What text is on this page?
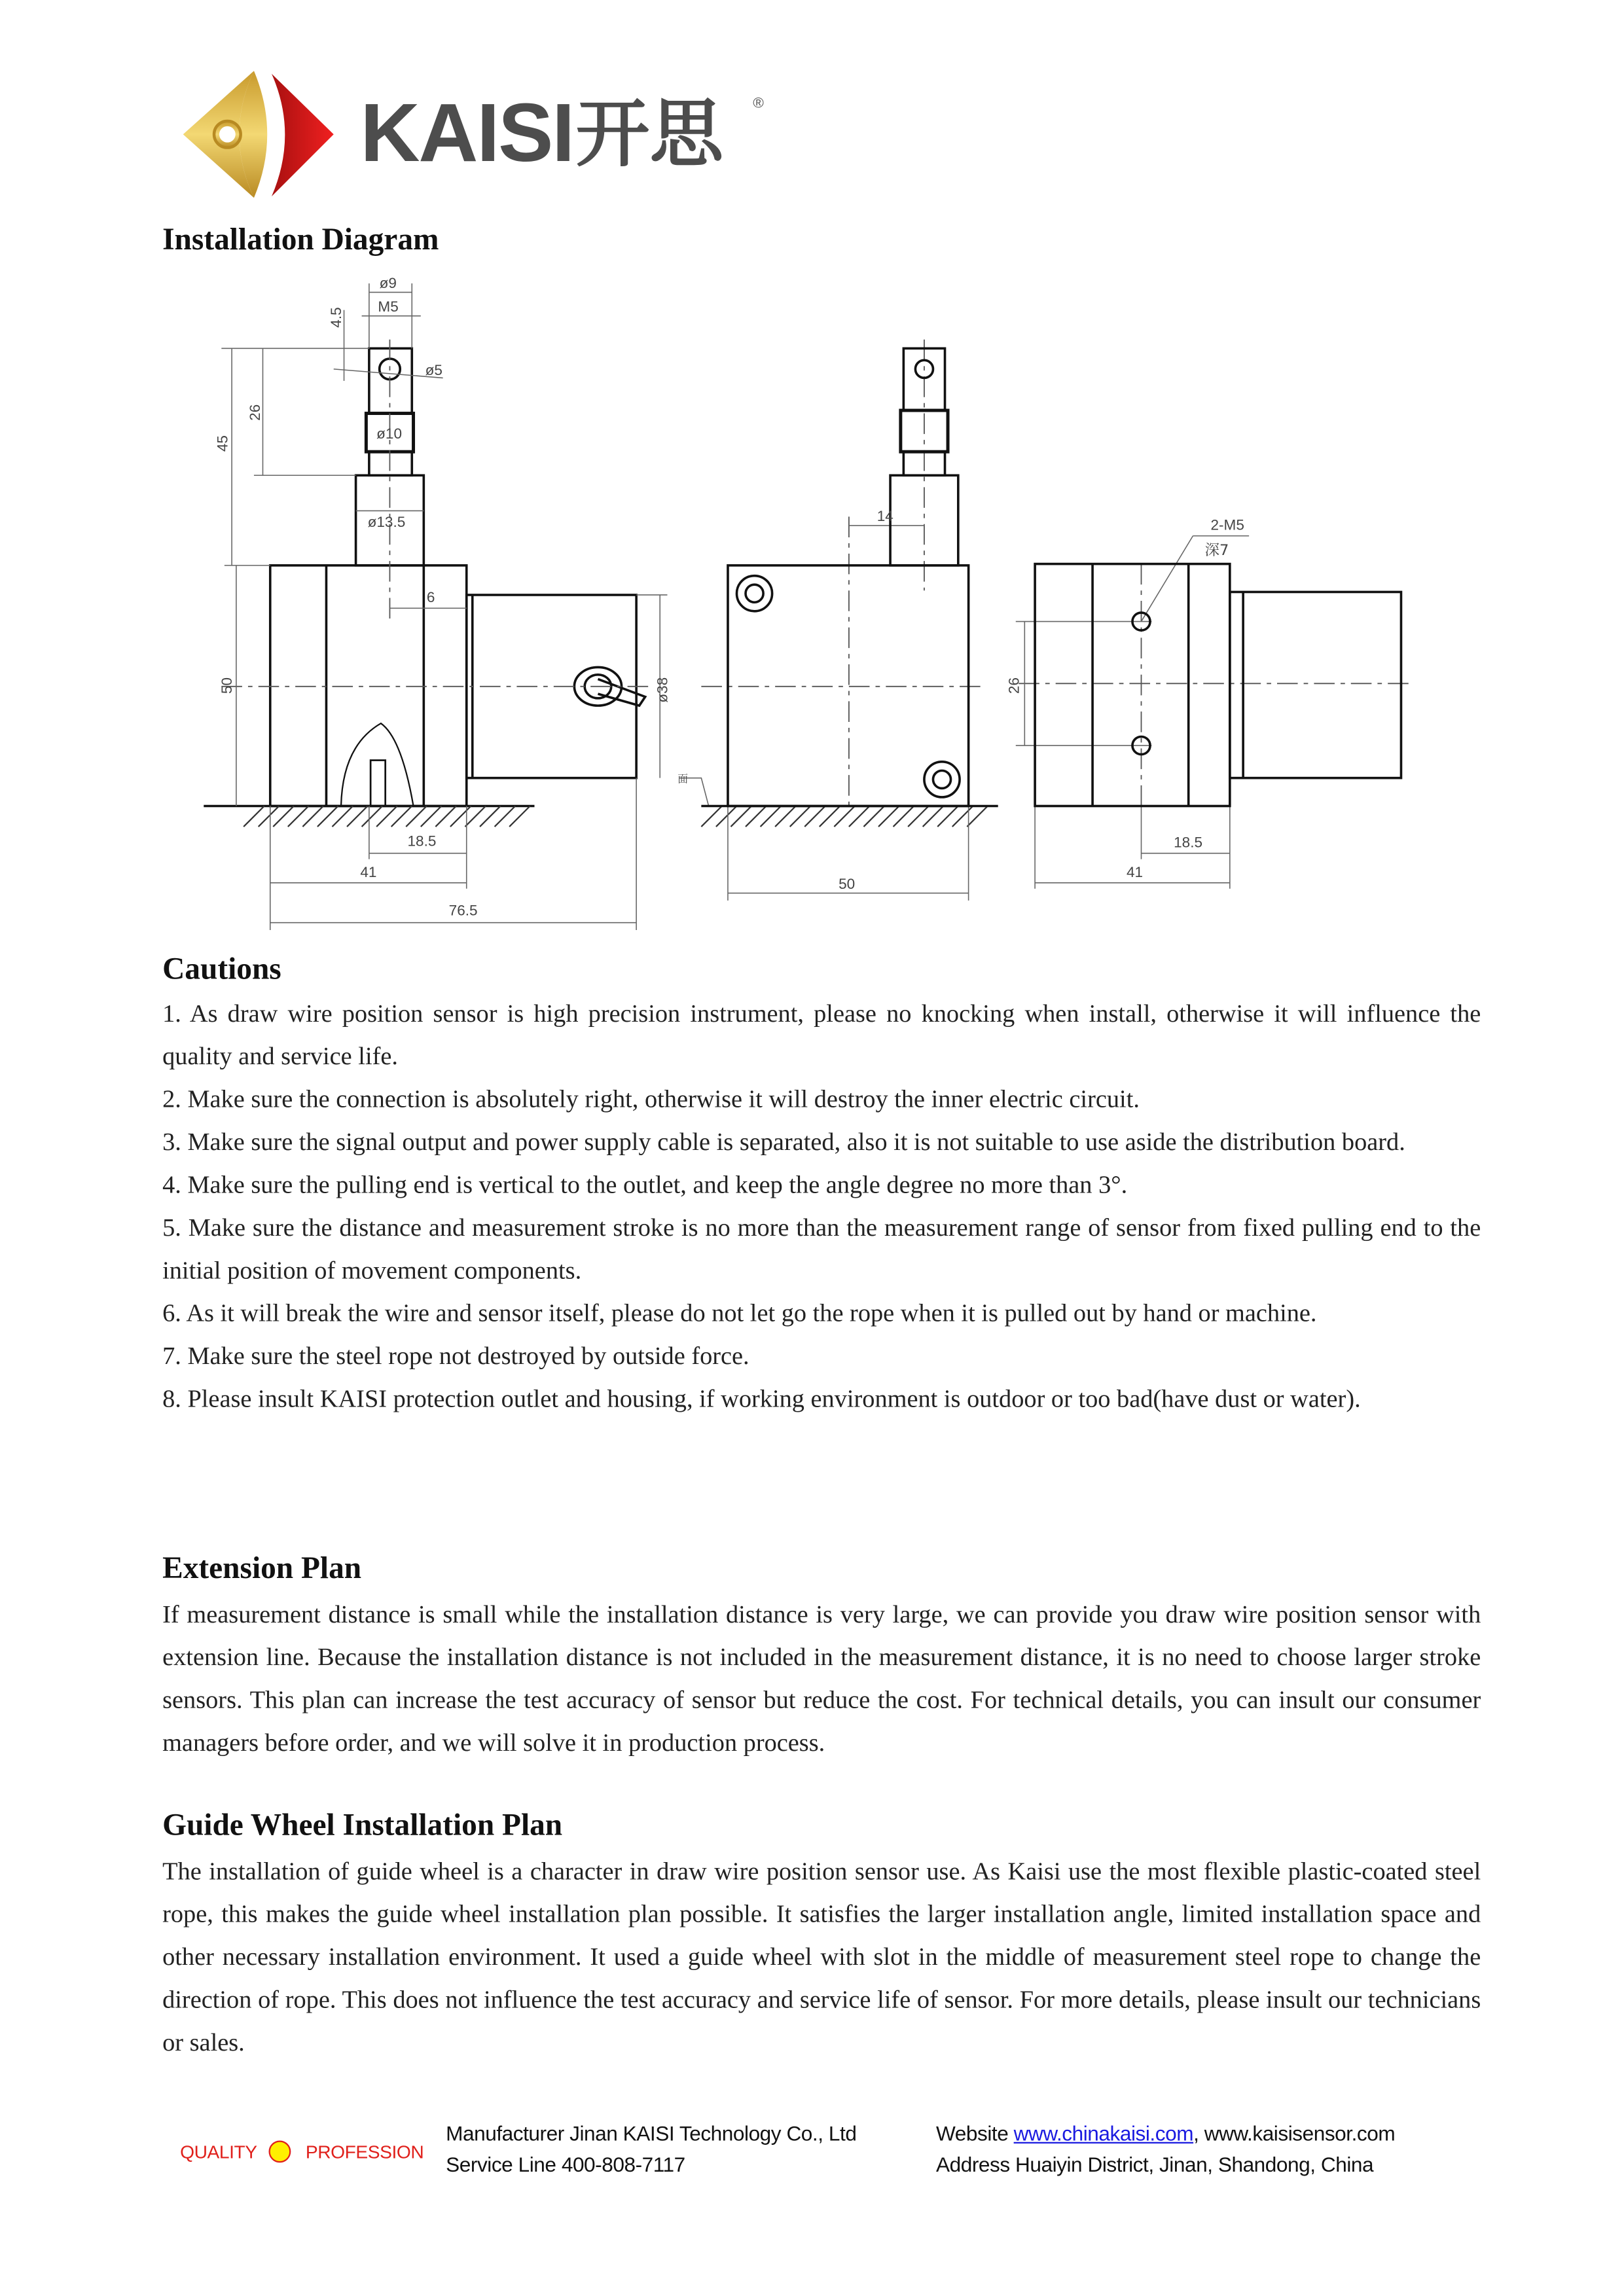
KAISI 开思	®
Installation Diagram
ø9
M5
4.5
ø5
26
45
ø10
ø13.5
6
50	ø38
面
18.5
41
76.5
14
50
2-M5
深7
26
18.5
41
Cautions

1. As draw wire position sensor is high precision instrument, please no knocking when install, otherwise it will influence the quality and service life.

2. Make sure the connection is absolutely right, otherwise it will destroy the inner electric circuit.

3. Make sure the signal output and power supply cable is separated, also it is not suitable to use aside the distribution board.

4. Make sure the pulling end is vertical to the outlet, and keep the angle degree no more than 3°.

5. Make sure the distance and measurement stroke is no more than the measurement range of sensor from fixed pulling end to the initial position of movement components.

6. As it will break the wire and sensor itself, please do not let go the rope when it is pulled out by hand or machine.

7. Make sure the steel rope not destroyed by outside force.

8. Please insult KAISI protection outlet and housing, if working environment is outdoor or too bad(have dust or water).

Extension Plan

If measurement distance is small while the installation distance is very large, we can provide you draw wire position sensor with extension line. Because the installation distance is not included in the measurement distance, it is no need to choose larger stroke sensors. This plan can increase the test accuracy of sensor but reduce the cost. For technical details, you can insult our consumer managers before order, and we will solve it in production process.

Guide Wheel Installation Plan

The installation of guide wheel is a character in draw wire position sensor use. As Kaisi use the most flexible plastic-coated steel rope, this makes the guide wheel installation plan possible. It satisfies the larger installation angle, limited installation space and other necessary installation environment. It used a guide wheel with slot in the middle of measurement steel rope to change the direction of rope. This does not influence the test accuracy and service life of sensor. For more details, please insult our technicians or sales.

QUALITY	PROFESSION
Manufacturer Jinan KAISI Technology Co., Ltd
Service Line 400-808-7117
Website www.chinakaisi.com, www.kaisisensor.com
Address Huaiyin District, Jinan, Shandong, China
